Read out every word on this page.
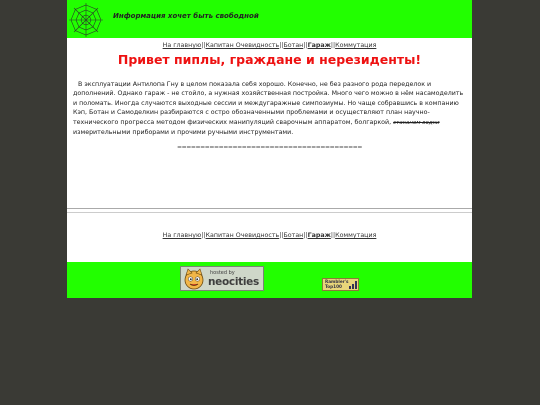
Информация хочет быть свободной
На главную||Капитан Очевидность||Ботан||Гараж||Коммутация
Привет пиплы, граждане и нерезиденты!
В эксплуатации Антилопа Гну в целом показала себя хорошо. Конечно, не без разного рода переделок и дополнений. Однако гараж - не стойло, а нужная хозяйственная постройка. Много чего можно в нём насамоделить и поломать. Иногда случаются выходные сессии и междугаражные симпозиумы. Но чаще собравшись в компанию Кэп, Ботан и Самоделкин разбираются с остро обозначенными проблемами и осуществляют план научно-технического прогресса методом физических манипуляций сварочным аппаратом, болгаркой, стаканом водки измерительными приборами и прочими ручными инструментами.
========================================
На главную||Капитан Очевидность||Ботан||Гараж||Коммутация
hosted by
neocities	Rambler's
Top100
